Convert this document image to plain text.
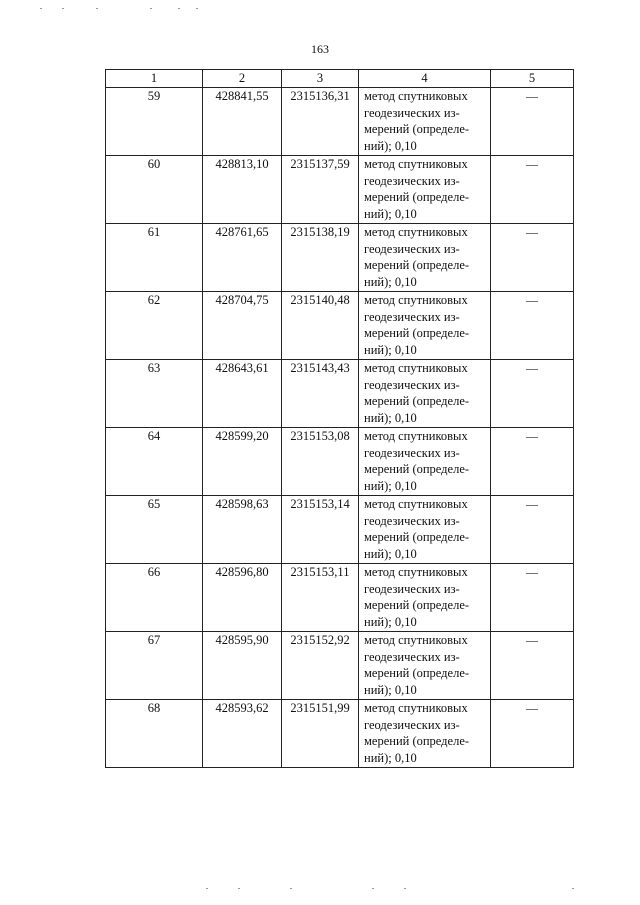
163
1	2	3	4	5
59	428841,55	2315136,31	метод спутниковых
геодезических из-
мерений (определе-
ний); 0,10	—
60	428813,10	2315137,59	метод спутниковых
геодезических из-
мерений (определе-
ний); 0,10	—
61	428761,65	2315138,19	метод спутниковых
геодезических из-
мерений (определе-
ний); 0,10	—
62	428704,75	2315140,48	метод спутниковых
геодезических из-
мерений (определе-
ний); 0,10	—
63	428643,61	2315143,43	метод спутниковых
геодезических из-
мерений (определе-
ний); 0,10	—
64	428599,20	2315153,08	метод спутниковых
геодезических из-
мерений (определе-
ний); 0,10	—
65	428598,63	2315153,14	метод спутниковых
геодезических из-
мерений (определе-
ний); 0,10	—
66	428596,80	2315153,11	метод спутниковых
геодезических из-
мерений (определе-
ний); 0,10	—
67	428595,90	2315152,92	метод спутниковых
геодезических из-
мерений (определе-
ний); 0,10	—
68	428593,62	2315151,99	метод спутниковых
геодезических из-
мерений (определе-
ний); 0,10	—
